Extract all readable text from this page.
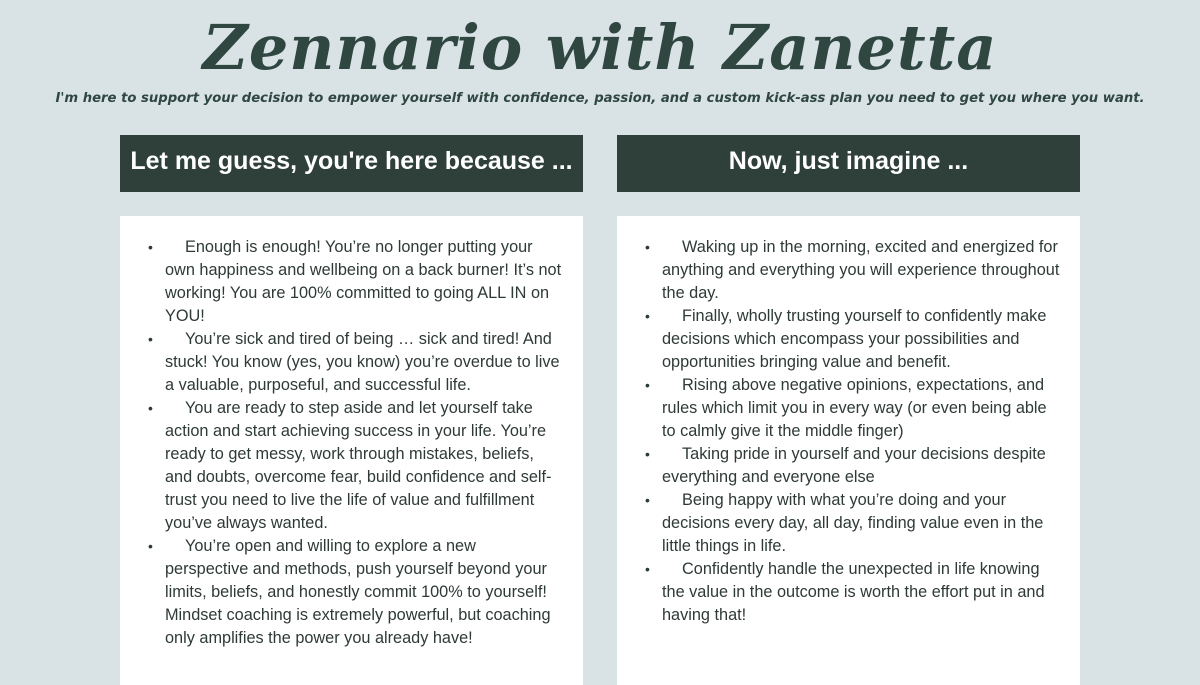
Zennario with Zanetta
I'm here to support your decision to empower yourself with confidence, passion, and a custom kick-ass plan you need to get you where you want.
Let me guess, you're here because ...	Now, just imagine ...
•	Enough is enough! You’re no longer putting your own happiness and wellbeing on a back burner! It’s not working! You are 100% committed to going ALL IN on YOU!
•	You’re sick and tired of being … sick and tired! And stuck! You know (yes, you know) you’re overdue to live a valuable, purposeful, and successful life.
•	You are ready to step aside and let yourself take action and start achieving success in your life. You’re ready to get messy, work through mistakes, beliefs, and doubts, overcome fear, build confidence and self-trust you need to live the life of value and fulfillment you’ve always wanted.
•	You’re open and willing to explore a new perspective and methods, push yourself beyond your limits, beliefs, and honestly commit 100% to yourself! Mindset coaching is extremely powerful, but coaching only amplifies the power you already have!
•	Waking up in the morning, excited and energized for anything and everything you will experience throughout the day.
•	Finally, wholly trusting yourself to confidently make decisions which encompass your possibilities and opportunities bringing value and benefit.
•	Rising above negative opinions, expectations, and rules which limit you in every way (or even being able to calmly give it the middle finger)
•	Taking pride in yourself and your decisions despite everything and everyone else
•	Being happy with what you’re doing and your decisions every day, all day, finding value even in the little things in life.
•	Confidently handle the unexpected in life knowing the value in the outcome is worth the effort put in and having that!
